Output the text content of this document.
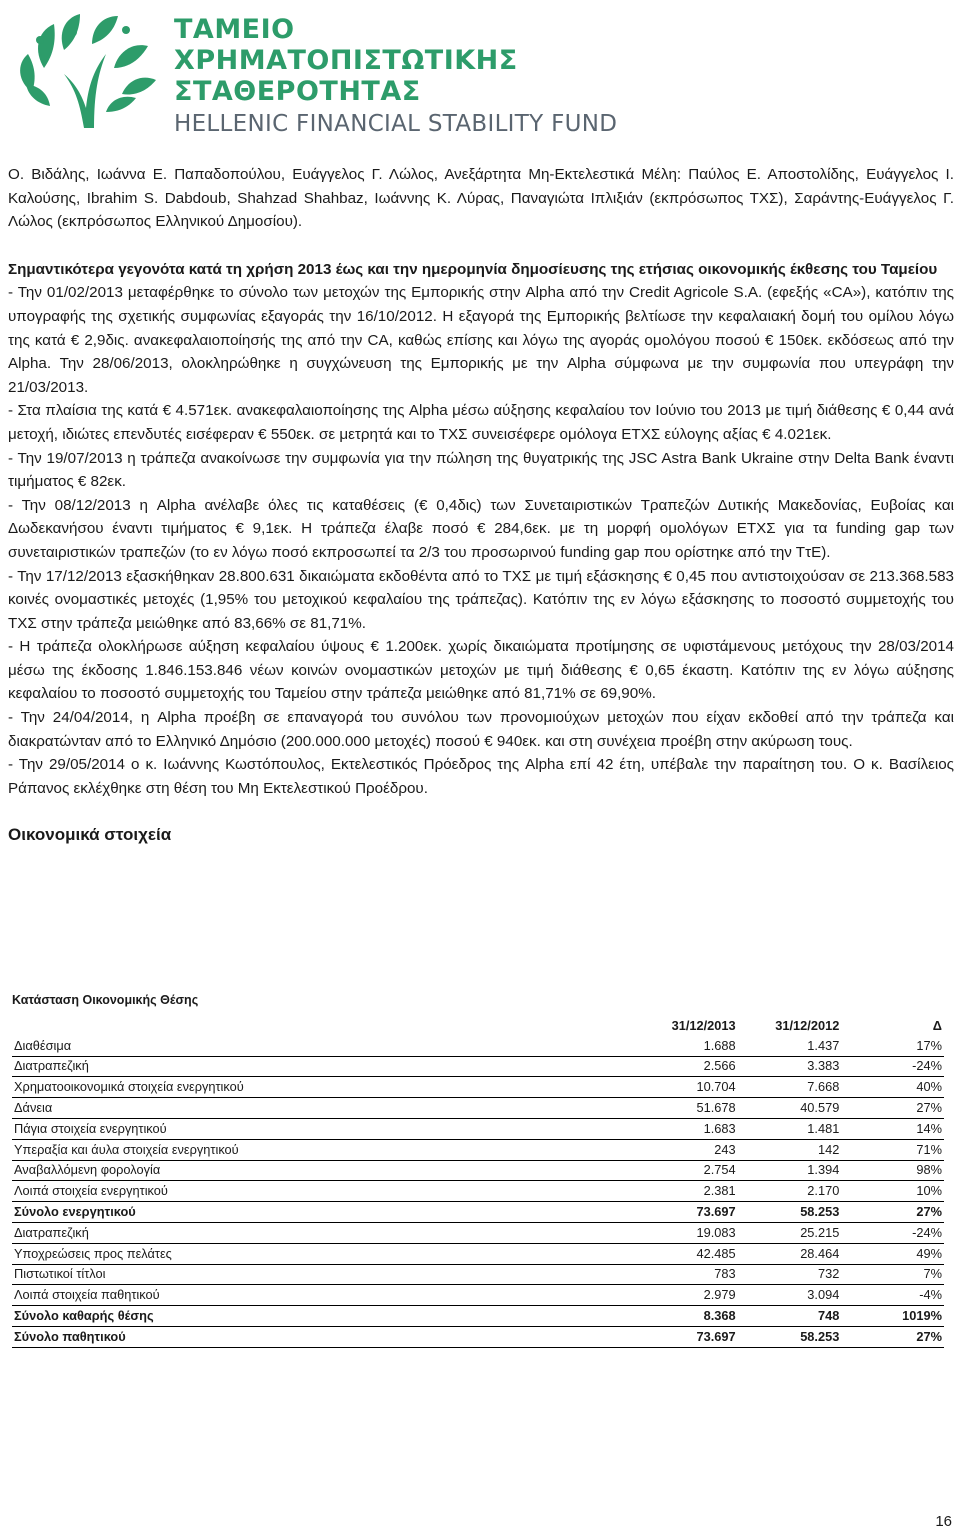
ΤΑΜΕΙΟ
ΧΡΗΜΑΤΟΠΙΣΤΩΤΙΚΗΣ
ΣΤΑΘΕΡΟΤΗΤΑΣ
HELLENIC FINANCIAL STABILITY FUND

Ο. Βιδάλης, Ιωάννα Ε. Παπαδοπούλου, Ευάγγελος Γ. Λώλος, Ανεξάρτητα Μη-Εκτελεστικά Μέλη: Παύλος Ε. Αποστολίδης, Ευάγγελος Ι. Καλούσης, Ibrahim S. Dabdoub, Shahzad Shahbaz, Ιωάννης Κ. Λύρας, Παναγιώτα Ιπλιξιάν (εκπρόσωπος ΤΧΣ), Σαράντης-Ευάγγελος Γ. Λώλος (εκπρόσωπος Ελληνικού Δημοσίου).

Σημαντικότερα γεγονότα κατά τη χρήση 2013 έως και την ημερομηνία δημοσίευσης της ετήσιας οικονομικής έκθεσης του Ταμείου

- Την 01/02/2013 μεταφέρθηκε το σύνολο των μετοχών της Εμπορικής στην Alpha από την Credit Agricole S.A. (εφεξής «CA»), κατόπιν της υπογραφής της σχετικής συμφωνίας εξαγοράς την 16/10/2012. Η εξαγορά της Εμπορικής βελτίωσε την κεφαλαιακή δομή του ομίλου λόγω της κατά € 2,9δις. ανακεφαλαιοποίησής της από την CA, καθώς επίσης και λόγω της αγοράς ομολόγου ποσού € 150εκ. εκδόσεως από την Alpha. Την 28/06/2013, ολοκληρώθηκε η συγχώνευση της Εμπορικής με την Alpha σύμφωνα με την συμφωνία που υπεγράφη την 21/03/2013.

- Στα πλαίσια της κατά € 4.571εκ. ανακεφαλαιοποίησης της Alpha μέσω αύξησης κεφαλαίου τον Ιούνιο του 2013 με τιμή διάθεσης € 0,44 ανά μετοχή, ιδιώτες επενδυτές εισέφεραν € 550εκ. σε μετρητά και το ΤΧΣ συνεισέφερε ομόλογα ΕΤΧΣ εύλογης αξίας € 4.021εκ.

- Την 19/07/2013 η τράπεζα ανακοίνωσε την συμφωνία για την πώληση της θυγατρικής της JSC Astra Bank Ukraine στην Delta Bank έναντι τιμήματος € 82εκ.

- Την 08/12/2013 η Alpha ανέλαβε όλες τις καταθέσεις (€ 0,4δις) των Συνεταιριστικών Τραπεζών Δυτικής Μακεδονίας, Ευβοίας και Δωδεκανήσου έναντι τιμήματος € 9,1εκ. Η τράπεζα έλαβε ποσό € 284,6εκ. με τη μορφή ομολόγων ΕΤΧΣ για τα funding gap των συνεταιριστικών τραπεζών (το εν λόγω ποσό εκπροσωπεί τα 2/3 του προσωρινού funding gap που ορίστηκε από την ΤτΕ).

- Την 17/12/2013 εξασκήθηκαν 28.800.631 δικαιώματα εκδοθέντα από το ΤΧΣ με τιμή εξάσκησης € 0,45 που αντιστοιχούσαν σε 213.368.583 κοινές ονομαστικές μετοχές (1,95% του μετοχικού κεφαλαίου της τράπεζας). Κατόπιν της εν λόγω εξάσκησης το ποσοστό συμμετοχής του ΤΧΣ στην τράπεζα μειώθηκε από 83,66% σε 81,71%.

- Η τράπεζα ολοκλήρωσε αύξηση κεφαλαίου ύψους € 1.200εκ. χωρίς δικαιώματα προτίμησης σε υφιστάμενους μετόχους την 28/03/2014 μέσω της έκδοσης 1.846.153.846 νέων κοινών ονομαστικών μετοχών με τιμή διάθεσης € 0,65 έκαστη. Κατόπιν της εν λόγω αύξησης κεφαλαίου το ποσοστό συμμετοχής του Ταμείου στην τράπεζα μειώθηκε από 81,71% σε 69,90%.

- Την 24/04/2014, η Alpha προέβη σε επαναγορά του συνόλου των προνομιούχων μετοχών που είχαν εκδοθεί από την τράπεζα και διακρατώνταν από το Ελληνικό Δημόσιο (200.000.000 μετοχές) ποσού € 940εκ. και στη συνέχεια προέβη στην ακύρωση τους.

- Την 29/05/2014 ο κ. Ιωάννης Κωστόπουλος, Εκτελεστικός Πρόεδρος της Alpha επί 42 έτη, υπέβαλε την παραίτηση του. Ο κ. Βασίλειος Ράπανος εκλέχθηκε στη θέση του Μη Εκτελεστικού Προέδρου.

Οικονομικά στοιχεία
Κατάσταση Οικονομικής Θέσης
	31/12/2013	31/12/2012	Δ
Διαθέσιμα	1.688	1.437	17%
Διατραπεζική	2.566	3.383	-24%
Χρηματοοικονομικά στοιχεία ενεργητικού	10.704	7.668	40%
Δάνεια	51.678	40.579	27%
Πάγια στοιχεία ενεργητικού	1.683	1.481	14%
Υπεραξία και άυλα στοιχεία ενεργητικού	243	142	71%
Αναβαλλόμενη φορολογία	2.754	1.394	98%
Λοιπά στοιχεία ενεργητικού	2.381	2.170	10%
Σύνολο ενεργητικού	73.697	58.253	27%
Διατραπεζική	19.083	25.215	-24%
Υποχρεώσεις προς πελάτες	42.485	28.464	49%
Πιστωτικοί τίτλοι	783	732	7%
Λοιπά στοιχεία παθητικού	2.979	3.094	-4%
Σύνολο καθαρής θέσης	8.368	748	1019%
Σύνολο παθητικού	73.697	58.253	27%
16
